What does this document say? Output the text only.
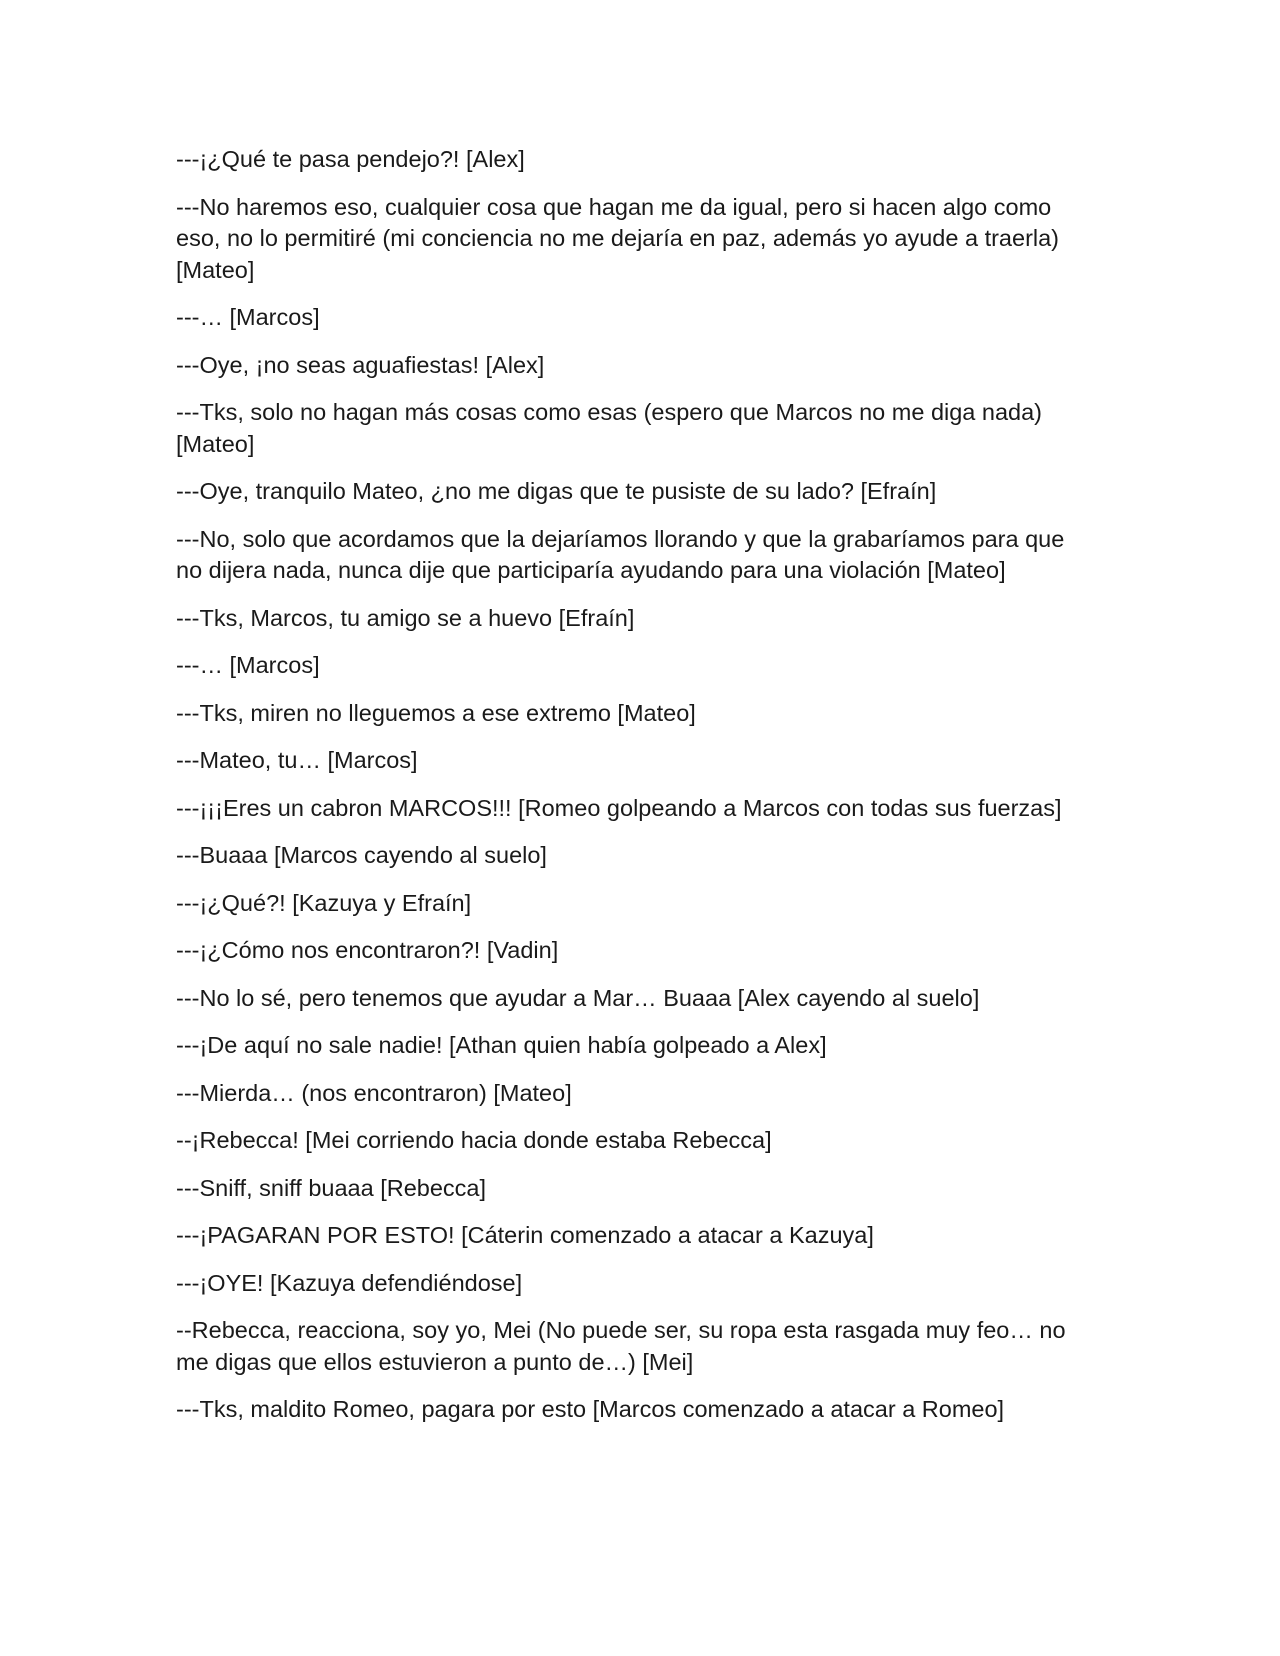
---¡¿Qué te pasa pendejo?! [Alex]

---No haremos eso, cualquier cosa que hagan me da igual, pero si hacen algo como eso, no lo permitiré (mi conciencia no me dejaría en paz, además yo ayude a traerla) [Mateo]

---… [Marcos]

---Oye, ¡no seas aguafiestas! [Alex]

---Tks, solo no hagan más cosas como esas (espero que Marcos no me diga nada) [Mateo]

---Oye, tranquilo Mateo, ¿no me digas que te pusiste de su lado? [Efraín]

---No, solo que acordamos que la dejaríamos llorando y que la grabaríamos para que no dijera nada, nunca dije que participaría ayudando para una violación [Mateo]

---Tks, Marcos, tu amigo se a huevo [Efraín]

---… [Marcos]

---Tks, miren no lleguemos a ese extremo [Mateo]

---Mateo, tu… [Marcos]

---¡¡¡Eres un cabron MARCOS!!! [Romeo golpeando a Marcos con todas sus fuerzas]

---Buaaa [Marcos cayendo al suelo]

---¡¿Qué?! [Kazuya y Efraín]

---¡¿Cómo nos encontraron?! [Vadin]

---No lo sé, pero tenemos que ayudar a Mar… Buaaa [Alex cayendo al suelo]

---¡De aquí no sale nadie! [Athan quien había golpeado a Alex]

---Mierda… (nos encontraron) [Mateo]

--¡Rebecca! [Mei corriendo hacia donde estaba Rebecca]

---Sniff, sniff buaaa [Rebecca]

---¡PAGARAN POR ESTO! [Cáterin comenzado a atacar a Kazuya]

---¡OYE! [Kazuya defendiéndose]

--Rebecca, reacciona, soy yo, Mei (No puede ser, su ropa esta rasgada muy feo… no me digas que ellos estuvieron a punto de…) [Mei]

---Tks, maldito Romeo, pagara por esto [Marcos comenzado a atacar a Romeo]
